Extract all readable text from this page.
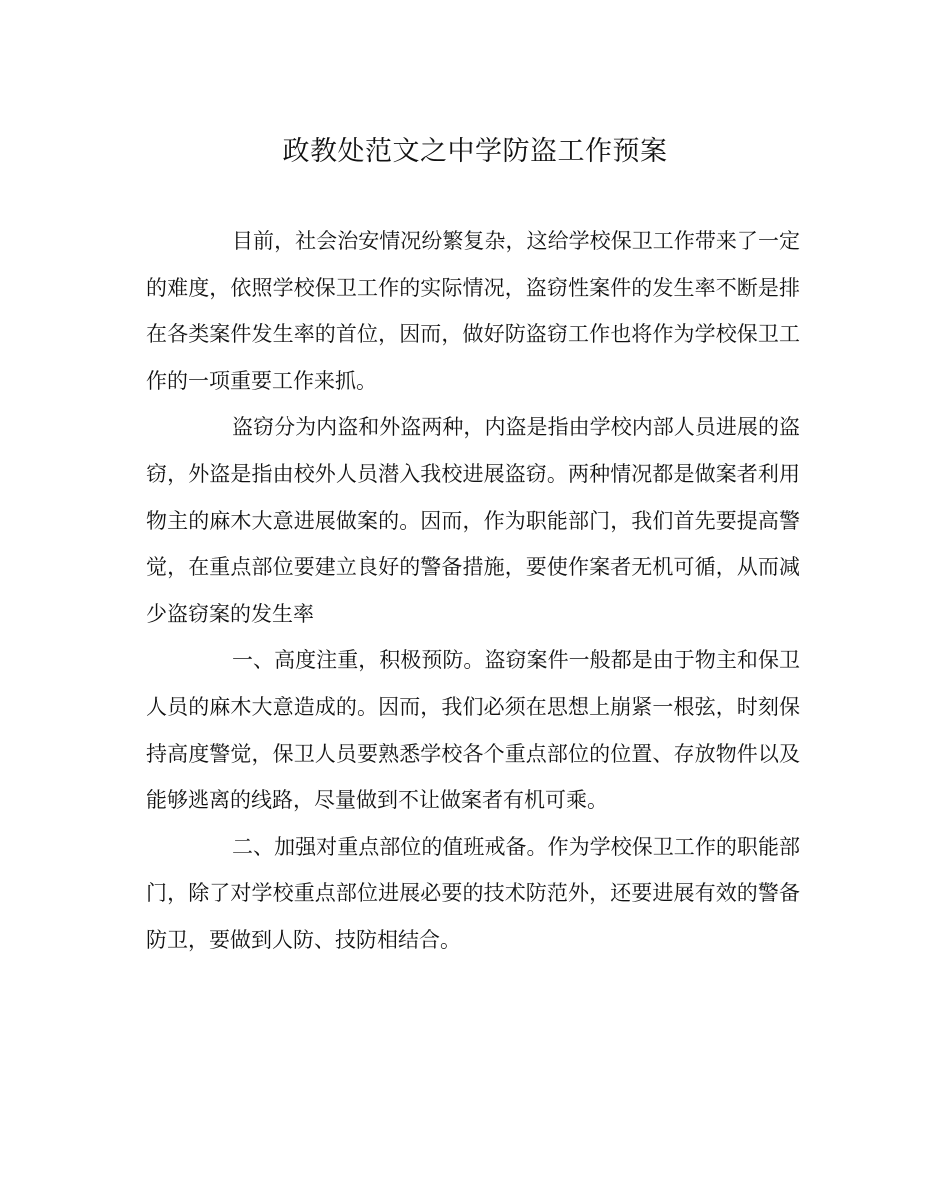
政教处范文之中学防盗工作预案

目前，社会治安情况纷繁复杂，这给学校保卫工作带来了一定的难度，依照学校保卫工作的实际情况，盗窃性案件的发生率不断是排在各类案件发生率的首位，因而，做好防盗窃工作也将作为学校保卫工作的一项重要工作来抓。

盗窃分为内盗和外盗两种，内盗是指由学校内部人员进展的盗窃，外盗是指由校外人员潜入我校进展盗窃。两种情况都是做案者利用物主的麻木大意进展做案的。因而，作为职能部门，我们首先要提高警觉，在重点部位要建立良好的警备措施，要使作案者无机可循，从而减少盗窃案的发生率

一、高度注重，积极预防。盗窃案件一般都是由于物主和保卫人员的麻木大意造成的。因而，我们必须在思想上崩紧一根弦，时刻保持高度警觉，保卫人员要熟悉学校各个重点部位的位置、存放物件以及能够逃离的线路，尽量做到不让做案者有机可乘。

二、加强对重点部位的值班戒备。作为学校保卫工作的职能部门，除了对学校重点部位进展必要的技术防范外，还要进展有效的警备防卫，要做到人防、技防相结合。
